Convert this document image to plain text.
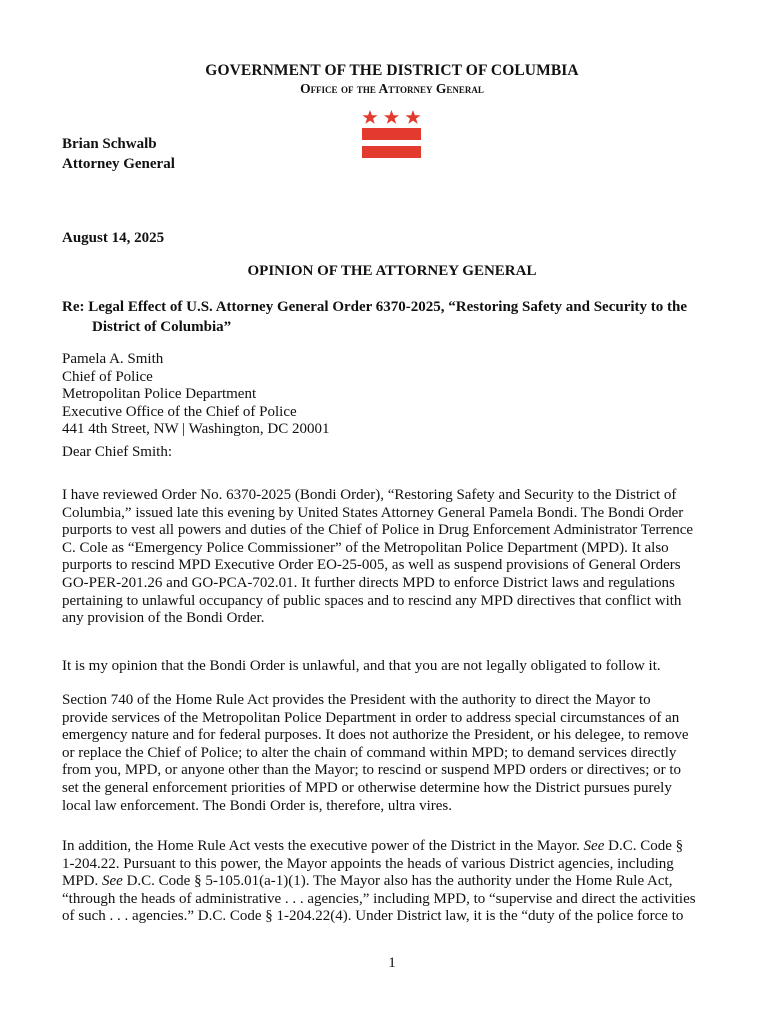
GOVERNMENT OF THE DISTRICT OF COLUMBIA
Office of the Attorney General
Brian Schwalb
Attorney General
August 14, 2025
OPINION OF THE ATTORNEY GENERAL
Re: Legal Effect of U.S. Attorney General Order 6370-2025, “Restoring Safety and Security to the
District of Columbia”
Pamela A. Smith
Chief of Police
Metropolitan Police Department
Executive Office of the Chief of Police
441 4th Street, NW | Washington, DC 20001
Dear Chief Smith:
I have reviewed Order No. 6370-2025 (Bondi Order), “Restoring Safety and Security to the District of
Columbia,” issued late this evening by United States Attorney General Pamela Bondi. The Bondi Order
purports to vest all powers and duties of the Chief of Police in Drug Enforcement Administrator Terrence
C. Cole as “Emergency Police Commissioner” of the Metropolitan Police Department (MPD). It also
purports to rescind MPD Executive Order EO-25-005, as well as suspend provisions of General Orders
GO-PER-201.26 and GO-PCA-702.01. It further directs MPD to enforce District laws and regulations
pertaining to unlawful occupancy of public spaces and to rescind any MPD directives that conflict with
any provision of the Bondi Order.
It is my opinion that the Bondi Order is unlawful, and that you are not legally obligated to follow it.
Section 740 of the Home Rule Act provides the President with the authority to direct the Mayor to
provide services of the Metropolitan Police Department in order to address special circumstances of an
emergency nature and for federal purposes. It does not authorize the President, or his delegee, to remove
or replace the Chief of Police; to alter the chain of command within MPD; to demand services directly
from you, MPD, or anyone other than the Mayor; to rescind or suspend MPD orders or directives; or to
set the general enforcement priorities of MPD or otherwise determine how the District pursues purely
local law enforcement. The Bondi Order is, therefore, ultra vires.
In addition, the Home Rule Act vests the executive power of the District in the Mayor. See D.C. Code §
1-204.22. Pursuant to this power, the Mayor appoints the heads of various District agencies, including
MPD. See D.C. Code § 5-105.01(a-1)(1). The Mayor also has the authority under the Home Rule Act,
“through the heads of administrative . . . agencies,” including MPD, to “supervise and direct the activities
of such . . . agencies.” D.C. Code § 1-204.22(4). Under District law, it is the “duty of the police force to
1
